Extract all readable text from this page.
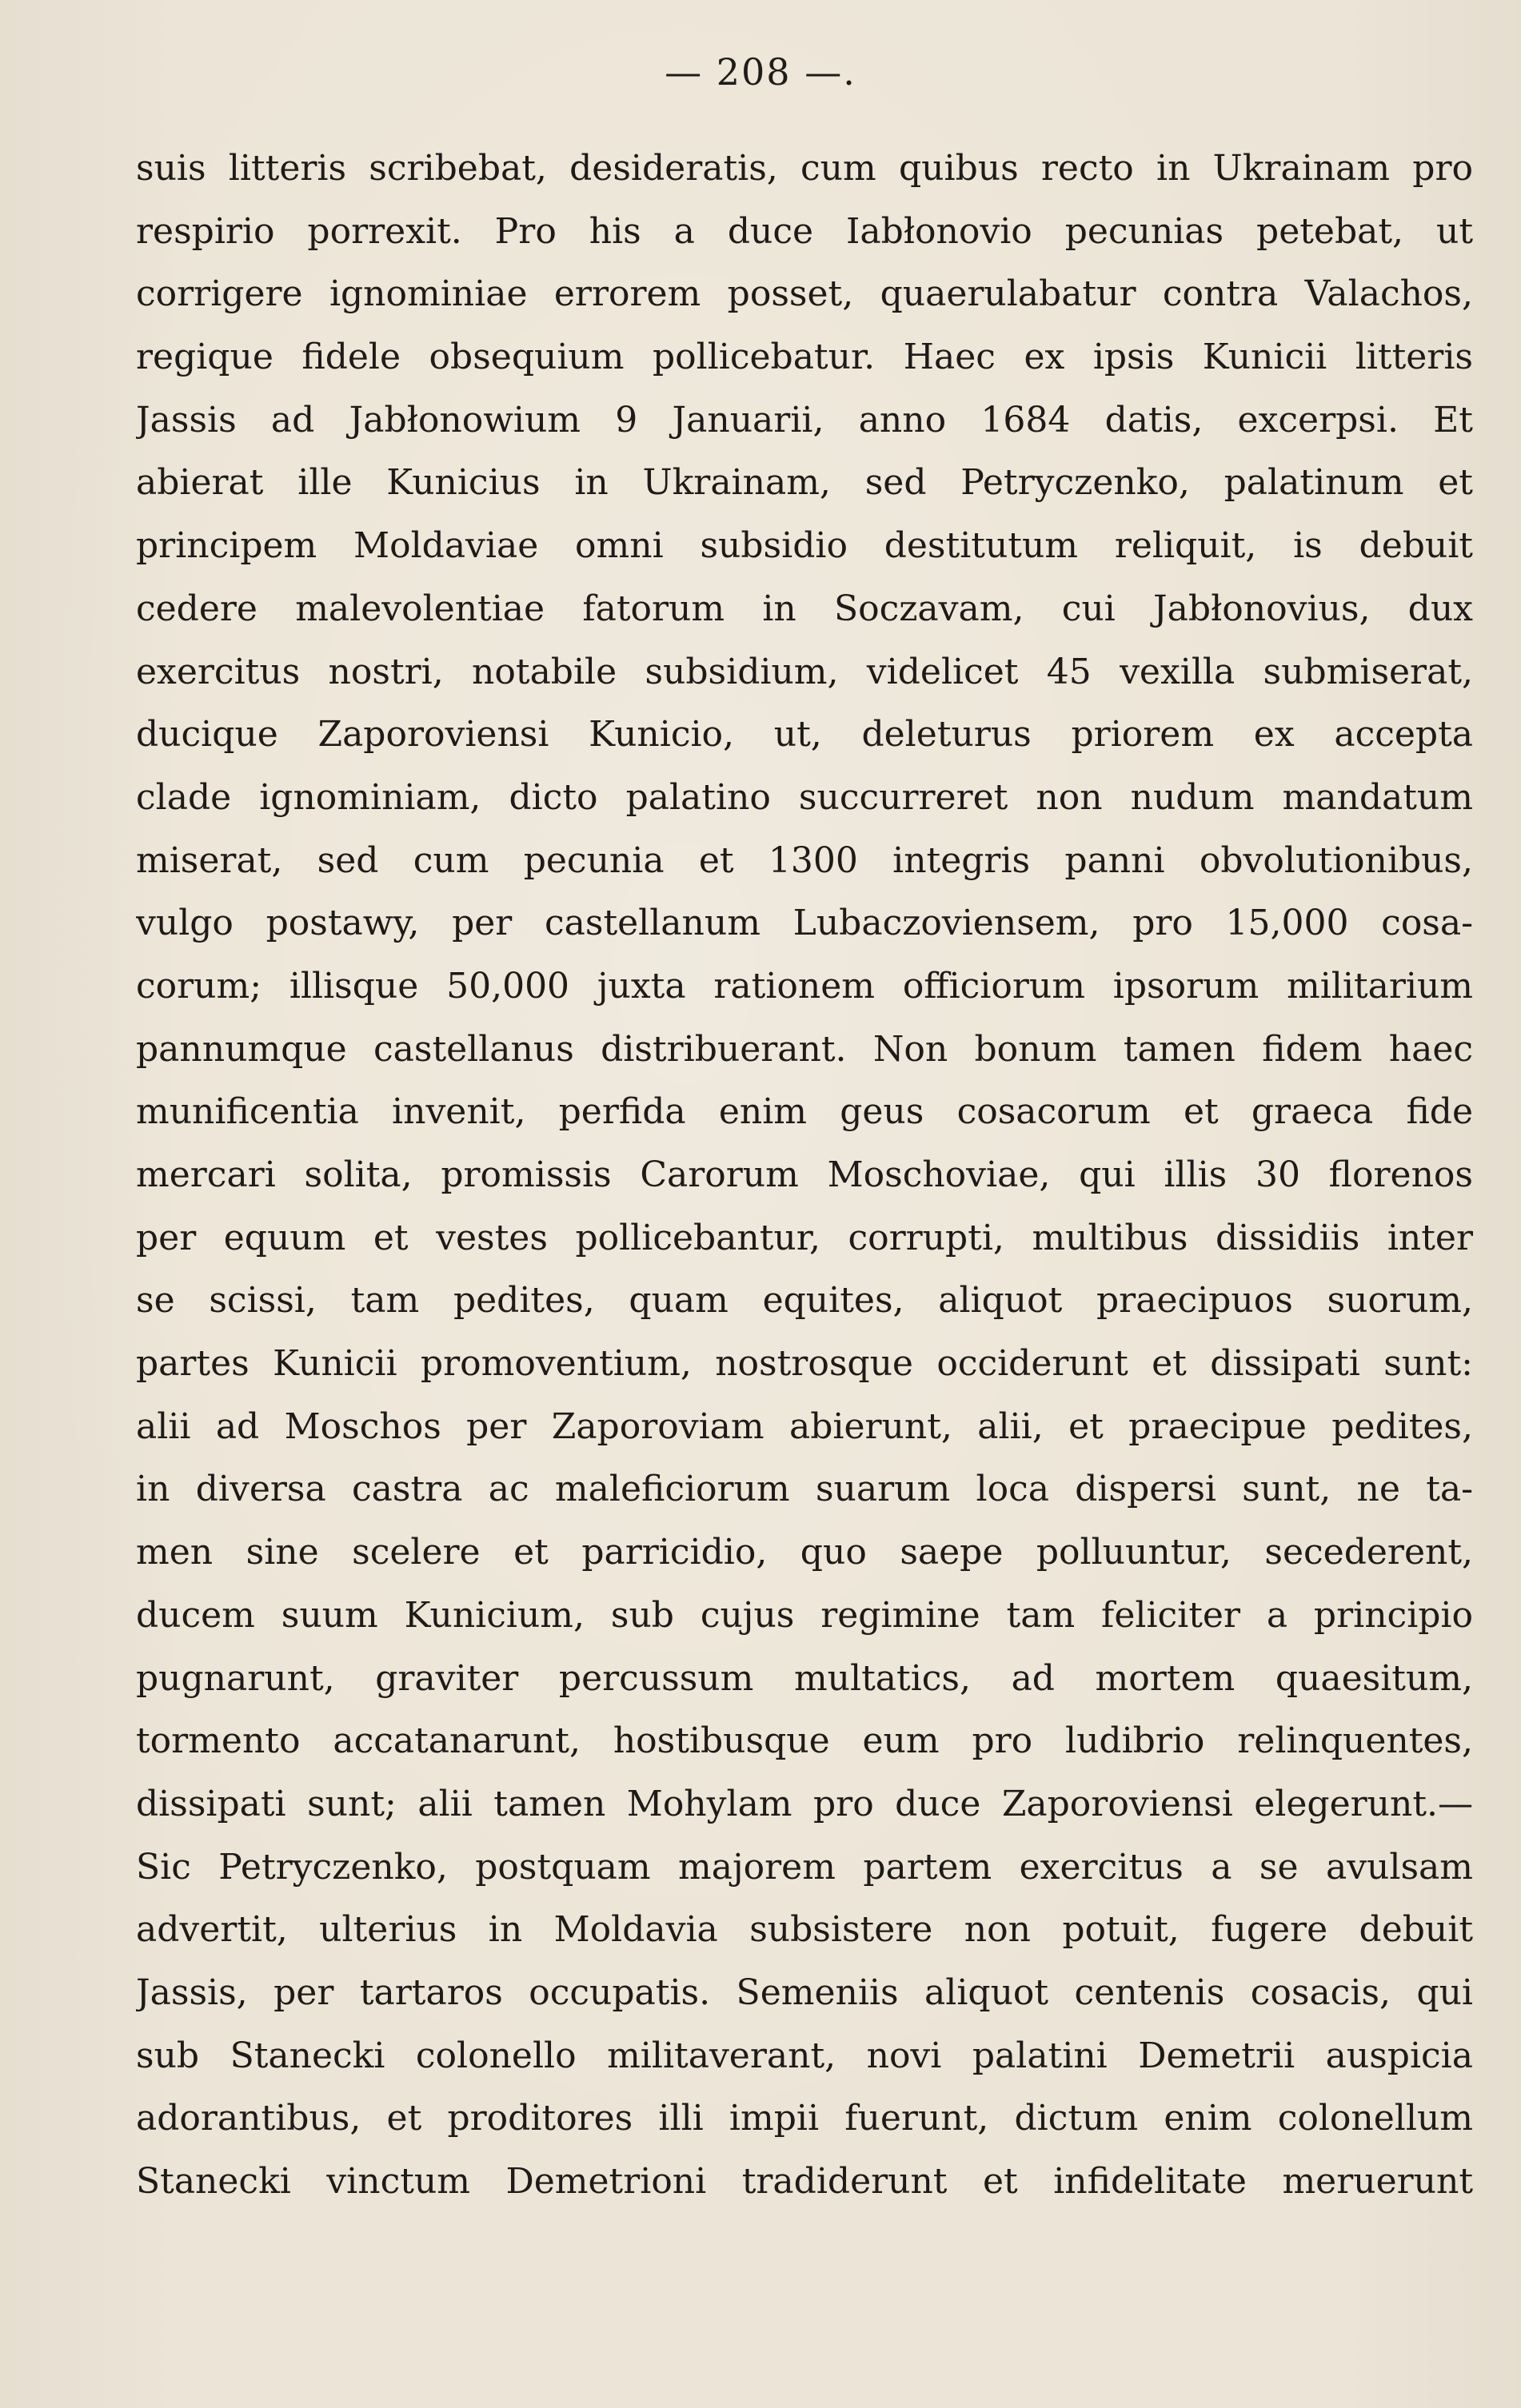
— 208 —.
suis litteris scribebat, desideratis, cum quibus recto in Ukrainam pro
respirio porrexit. Pro his a duce Iabłonovio pecunias petebat, ut
corrigere ignominiae errorem posset, quaerulabatur contra Valachos,
regique fidele obsequium pollicebatur. Haec ex ipsis Kunicii litteris
Jassis ad Jabłonowium 9 Januarii, anno 1684 datis, excerpsi. Et
abierat ille Kunicius in Ukrainam, sed Petryczenko, palatinum et
principem Moldaviae omni subsidio destitutum reliquit, is debuit
cedere malevolentiae fatorum in Soczavam, cui Jabłonovius, dux
exercitus nostri, notabile subsidium, videlicet 45 vexilla submiserat,
ducique Zaporoviensi Kunicio, ut, deleturus priorem ex accepta
clade ignominiam, dicto palatino succurreret non nudum mandatum
miserat, sed cum pecunia et 1300 integris panni obvolutionibus,
vulgo postawy, per castellanum Lubaczoviensem, pro 15,000 cosa-
corum; illisque 50,000 juxta rationem officiorum ipsorum militarium
pannumque castellanus distribuerant. Non bonum tamen fidem haec
munificentia invenit, perfida enim geus cosacorum et graeca fide
mercari solita, promissis Carorum Moschoviae, qui illis 30 florenos
per equum et vestes pollicebantur, corrupti, multibus dissidiis inter
se scissi, tam pedites, quam equites, aliquot praecipuos suorum,
partes Kunicii promoventium, nostrosque occiderunt et dissipati sunt:
alii ad Moschos per Zaporoviam abierunt, alii, et praecipue pedites,
in diversa castra ac maleficiorum suarum loca dispersi sunt, ne ta-
men sine scelere et parricidio, quo saepe polluuntur, secederent,
ducem suum Kunicium, sub cujus regimine tam feliciter a principio
pugnarunt, graviter percussum multatics, ad mortem quaesitum,
tormento accatanarunt, hostibusque eum pro ludibrio relinquentes,
dissipati sunt; alii tamen Mohylam pro duce Zaporoviensi elegerunt.—
Sic Petryczenko, postquam majorem partem exercitus a se avulsam
advertit, ulterius in Moldavia subsistere non potuit, fugere debuit
Jassis, per tartaros occupatis. Semeniis aliquot centenis cosacis, qui
sub Stanecki colonello militaverant, novi palatini Demetrii auspicia
adorantibus, et proditores illi impii fuerunt, dictum enim colonellum
Stanecki vinctum Demetrioni tradiderunt et infidelitate meruerunt
